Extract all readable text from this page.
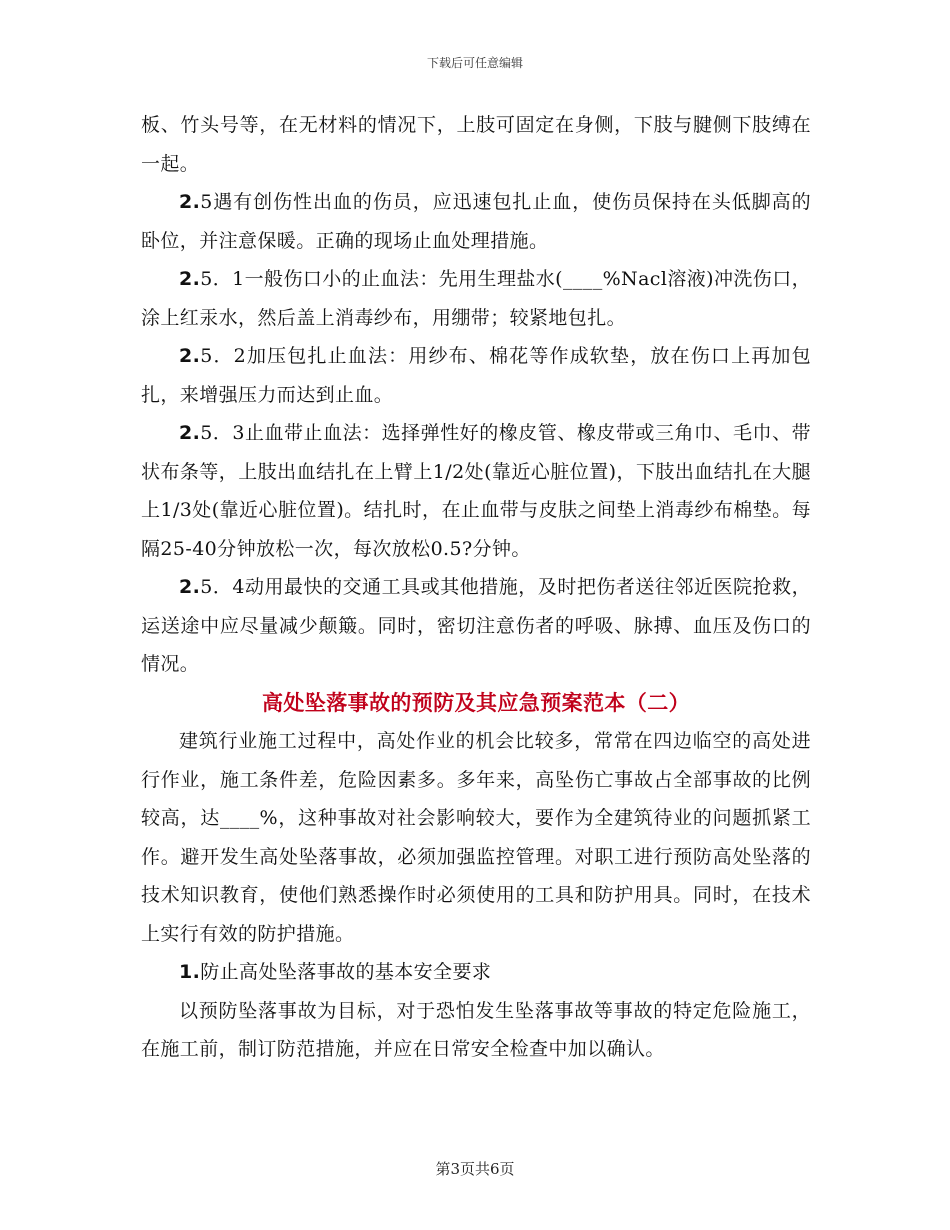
下载后可任意编辑

板、竹头号等，在无材料的情况下，上肢可固定在身侧，下肢与腱侧下肢缚在一起。

2.5遇有创伤性出血的伤员，应迅速包扎止血，使伤员保持在头低脚高的卧位，并注意保暖。正确的现场止血处理措施。

2.5．1一般伤口小的止血法：先用生理盐水(____%Nacl溶液)冲洗伤口，涂上红汞水，然后盖上消毒纱布，用绷带；较紧地包扎。

2.5．2加压包扎止血法：用纱布、棉花等作成软垫，放在伤口上再加包扎，来增强压力而达到止血。

2.5．3止血带止血法：选择弹性好的橡皮管、橡皮带或三角巾、毛巾、带状布条等，上肢出血结扎在上臂上1/2处(靠近心脏位置)，下肢出血结扎在大腿上1/3处(靠近心脏位置)。结扎时，在止血带与皮肤之间垫上消毒纱布棉垫。每隔25-40分钟放松一次，每次放松0.5?分钟。

2.5．4动用最快的交通工具或其他措施，及时把伤者送往邻近医院抢救，运送途中应尽量减少颠簸。同时，密切注意伤者的呼吸、脉搏、血压及伤口的情况。

高处坠落事故的预防及其应急预案范本（二）

建筑行业施工过程中，高处作业的机会比较多，常常在四边临空的高处进行作业，施工条件差，危险因素多。多年来，高坠伤亡事故占全部事故的比例较高，达____%，这种事故对社会影响较大，要作为全建筑待业的问题抓紧工作。避开发生高处坠落事故，必须加强监控管理。对职工进行预防高处坠落的技术知识教育，使他们熟悉操作时必须使用的工具和防护用具。同时，在技术上实行有效的防护措施。

1.防止高处坠落事故的基本安全要求

以预防坠落事故为目标，对于恐怕发生坠落事故等事故的特定危险施工，在施工前，制订防范措施，并应在日常安全检查中加以确认。

第3页共6页
